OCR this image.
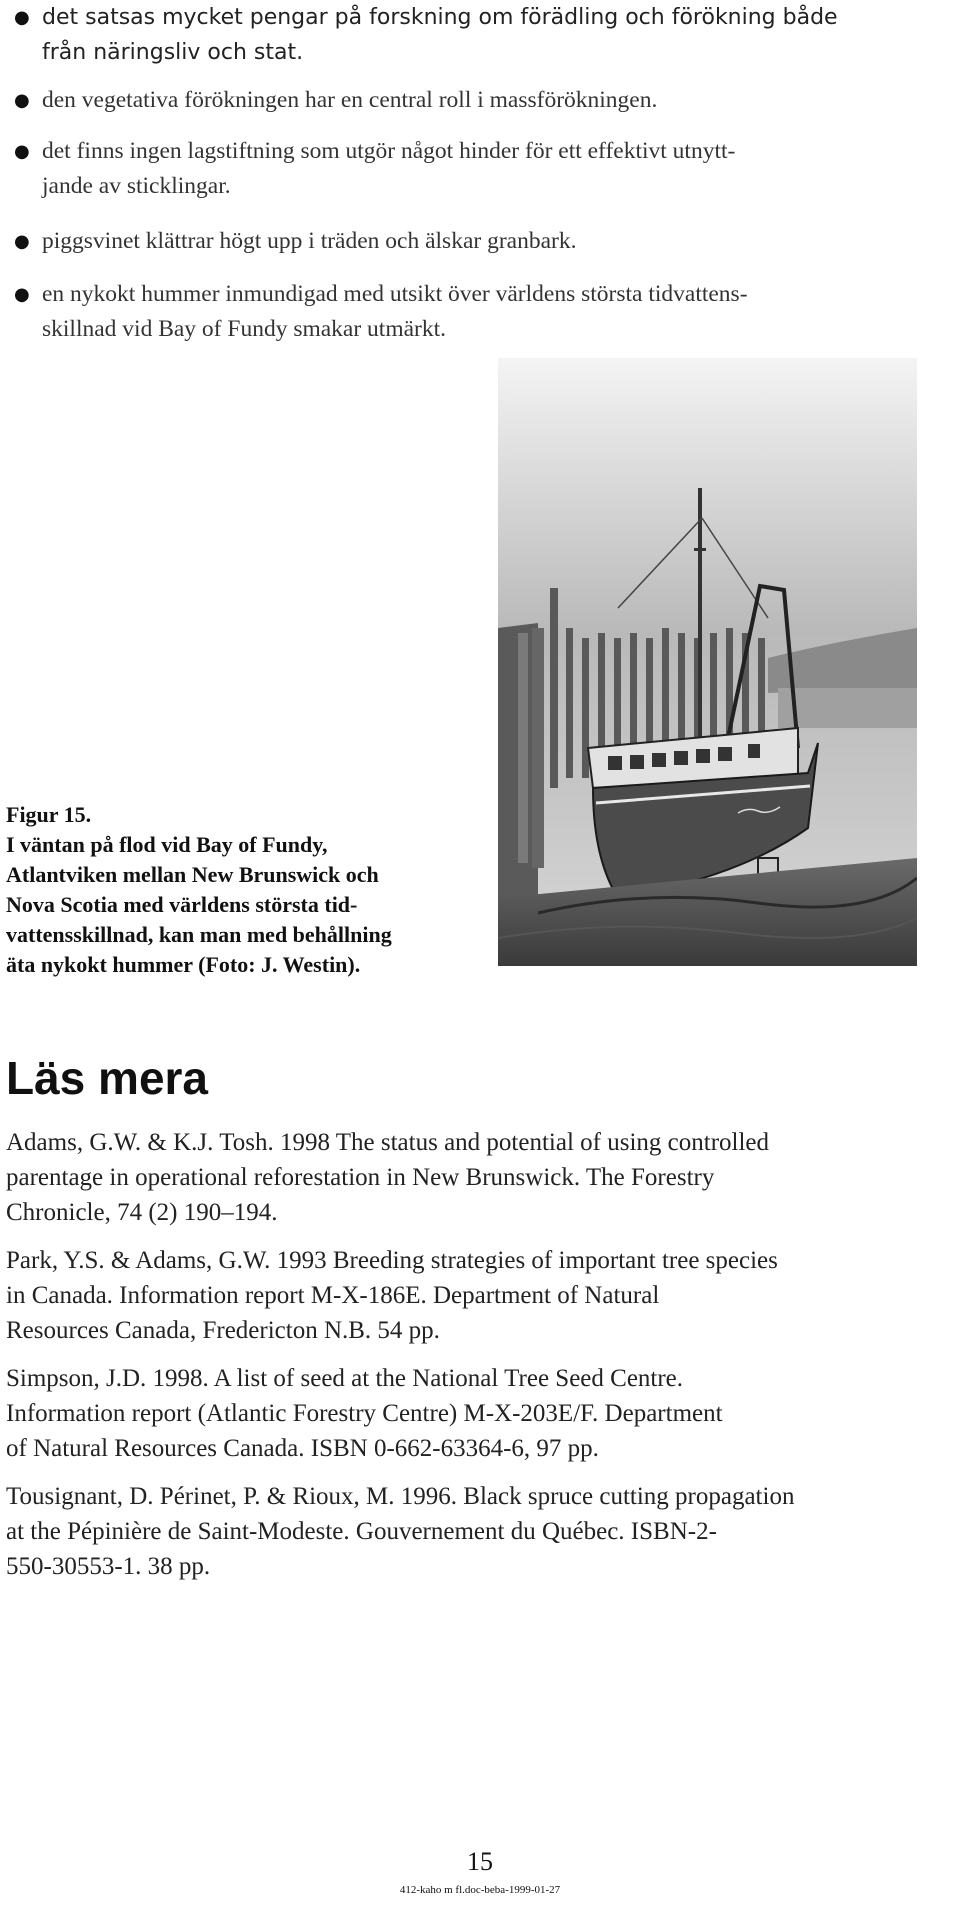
● det satsas mycket pengar på forskning om förädling och förökning både
från näringsliv och stat.
● den vegetativa förökningen har en central roll i massförökningen.
● det finns ingen lagstiftning som utgör något hinder för ett effektivt utnytt-
jande av sticklingar.
● piggsvinet klättrar högt upp i träden och älskar granbark.
● en nykokt hummer inmundigad med utsikt över världens största tidvattens-
skillnad vid Bay of Fundy smakar utmärkt.
Figur 15.
I väntan på flod vid Bay of Fundy,
Atlantviken mellan New Brunswick och
Nova Scotia med världens största tid-
vattensskillnad, kan man med behållning
äta nykokt hummer (Foto: J. Westin).
Läs mera
Adams, G.W. & K.J. Tosh. 1998 The status and potential of using controlled
parentage in operational reforestation in New Brunswick. The Forestry
Chronicle, 74 (2) 190–194.
Park, Y.S. & Adams, G.W. 1993 Breeding strategies of important tree species
in Canada. Information report M-X-186E. Department of Natural
Resources Canada, Fredericton N.B. 54 pp.
Simpson, J.D. 1998. A list of seed at the National Tree Seed Centre.
Information report (Atlantic Forestry Centre) M-X-203E/F. Department
of Natural Resources Canada. ISBN 0-662-63364-6, 97 pp.
Tousignant, D. Périnet, P. & Rioux, M. 1996. Black spruce cutting propagation
at the Pépinière de Saint-Modeste. Gouvernement du Québec. ISBN-2-
550-30553-1. 38 pp.
15
412-kaho m fl.doc-beba-1999-01-27
